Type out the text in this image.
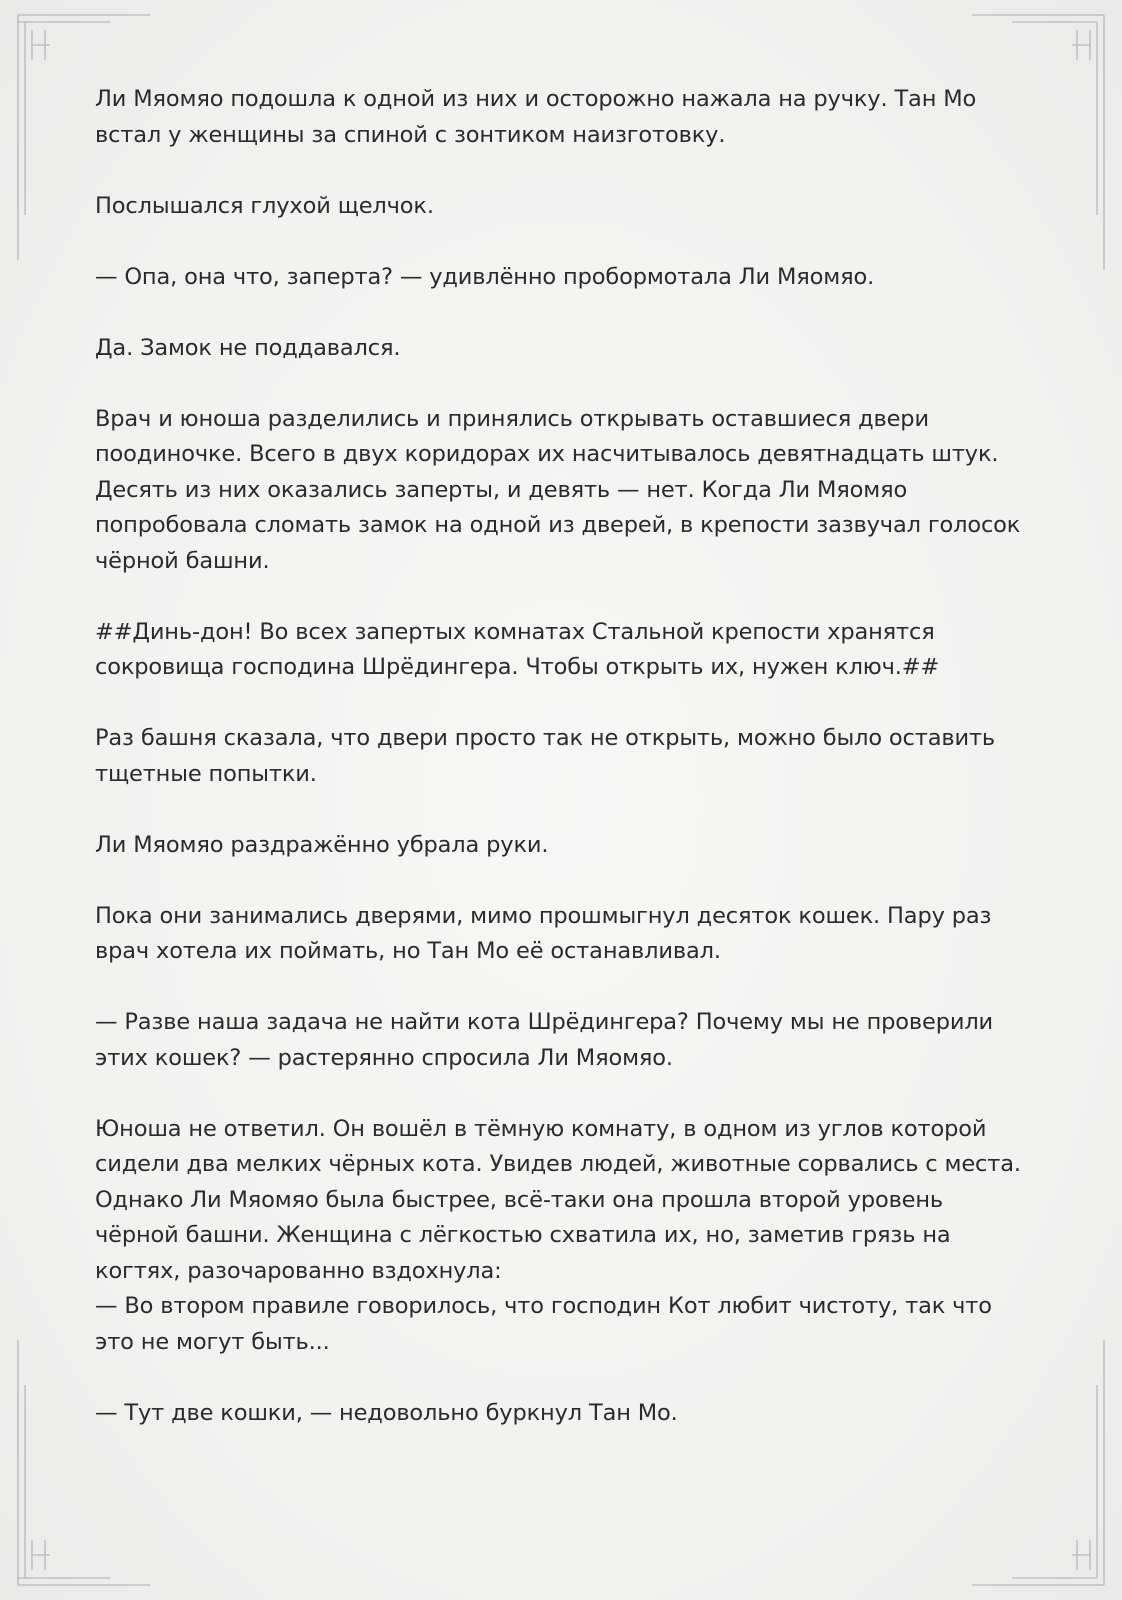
Ли Мяомяо подошла к одной из них и осторожно нажала на ручку. Тан Мо встал у женщины за спиной с зонтиком наизготовку.

Послышался глухой щелчок.

— Опа, она что, заперта? — удивлённо пробормотала Ли Мяомяо.

Да. Замок не поддавался.

Врач и юноша разделились и принялись открывать оставшиеся двери поодиночке. Всего в двух коридорах их насчитывалось девятнадцать штук. Десять из них оказались заперты, и девять — нет. Когда Ли Мяомяо попробовала сломать замок на одной из дверей, в крепости зазвучал голосок чёрной башни.

##Динь-дон! Во всех запертых комнатах Стальной крепости хранятся сокровища господина Шрёдингера. Чтобы открыть их, нужен ключ.##

Раз башня сказала, что двери просто так не открыть, можно было оставить тщетные попытки.

Ли Мяомяо раздражённо убрала руки.

Пока они занимались дверями, мимо прошмыгнул десяток кошек. Пару раз врач хотела их поймать, но Тан Мо её останавливал.

— Разве наша задача не найти кота Шрёдингера? Почему мы не проверили этих кошек? — растерянно спросила Ли Мяомяо.

Юноша не ответил. Он вошёл в тёмную комнату, в одном из углов которой сидели два мелких чёрных кота. Увидев людей, животные сорвались с места. Однако Ли Мяомяо была быстрее, всё-таки она прошла второй уровень чёрной башни. Женщина с лёгкостью схватила их, но, заметив грязь на когтях, разочарованно вздохнула:

— Во втором правиле говорилось, что господин Кот любит чистоту, так что это не могут быть...

— Тут две кошки, — недовольно буркнул Тан Мо.
